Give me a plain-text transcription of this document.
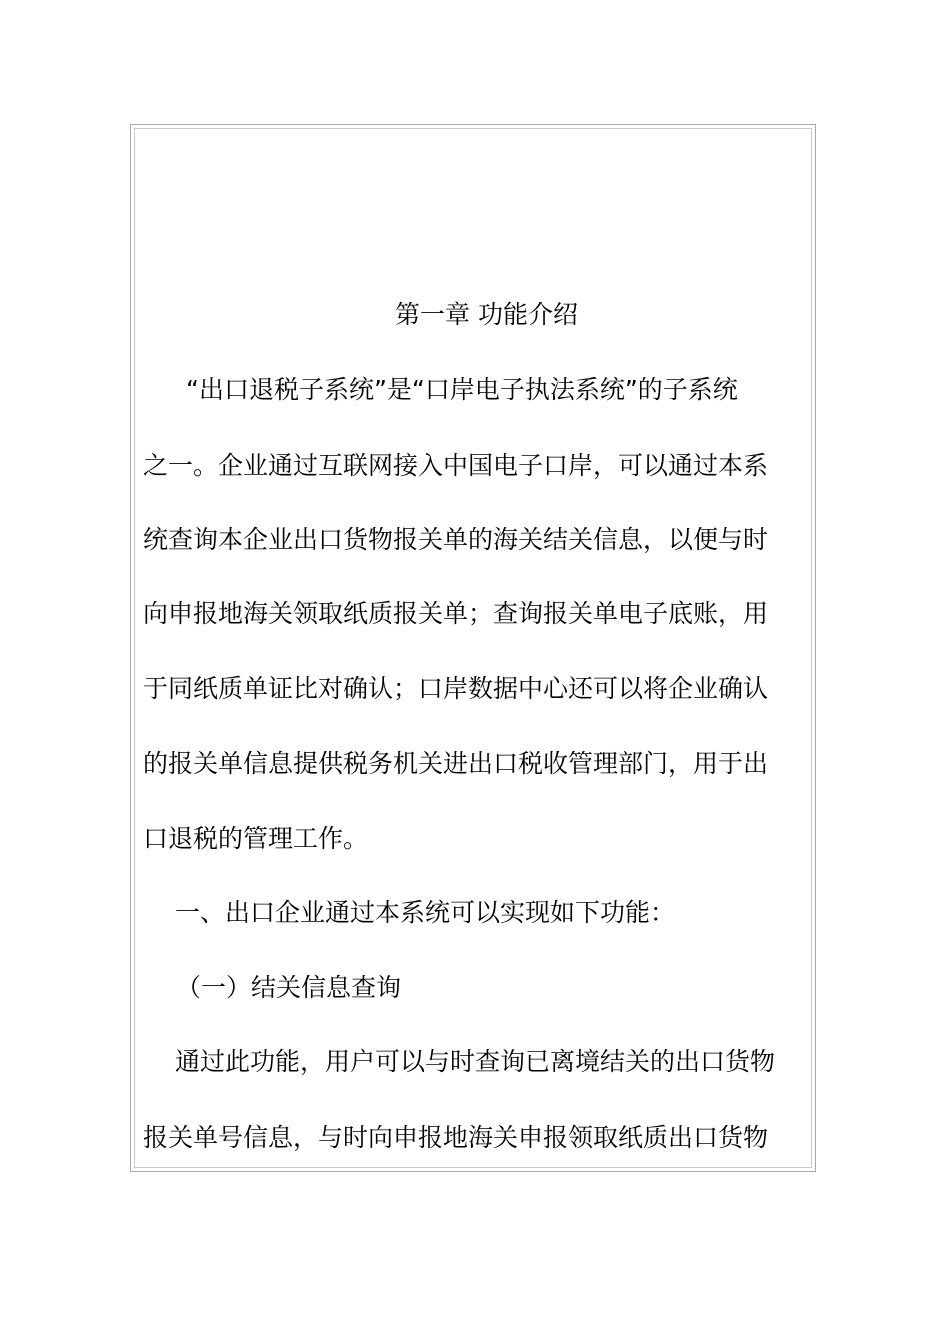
第一章 功能介绍
“出口退税子系统”是“口岸电子执法系统”的子系统
之一。企业通过互联网接入中国电子口岸，可以通过本系
统查询本企业出口货物报关单的海关结关信息，以便与时
向申报地海关领取纸质报关单；查询报关单电子底账，用
于同纸质单证比对确认；口岸数据中心还可以将企业确认
的报关单信息提供税务机关进出口税收管理部门，用于出
口退税的管理工作。
一、出口企业通过本系统可以实现如下功能：
（一）结关信息查询
通过此功能，用户可以与时查询已离境结关的出口货物
报关单号信息，与时向申报地海关申报领取纸质出口货物
